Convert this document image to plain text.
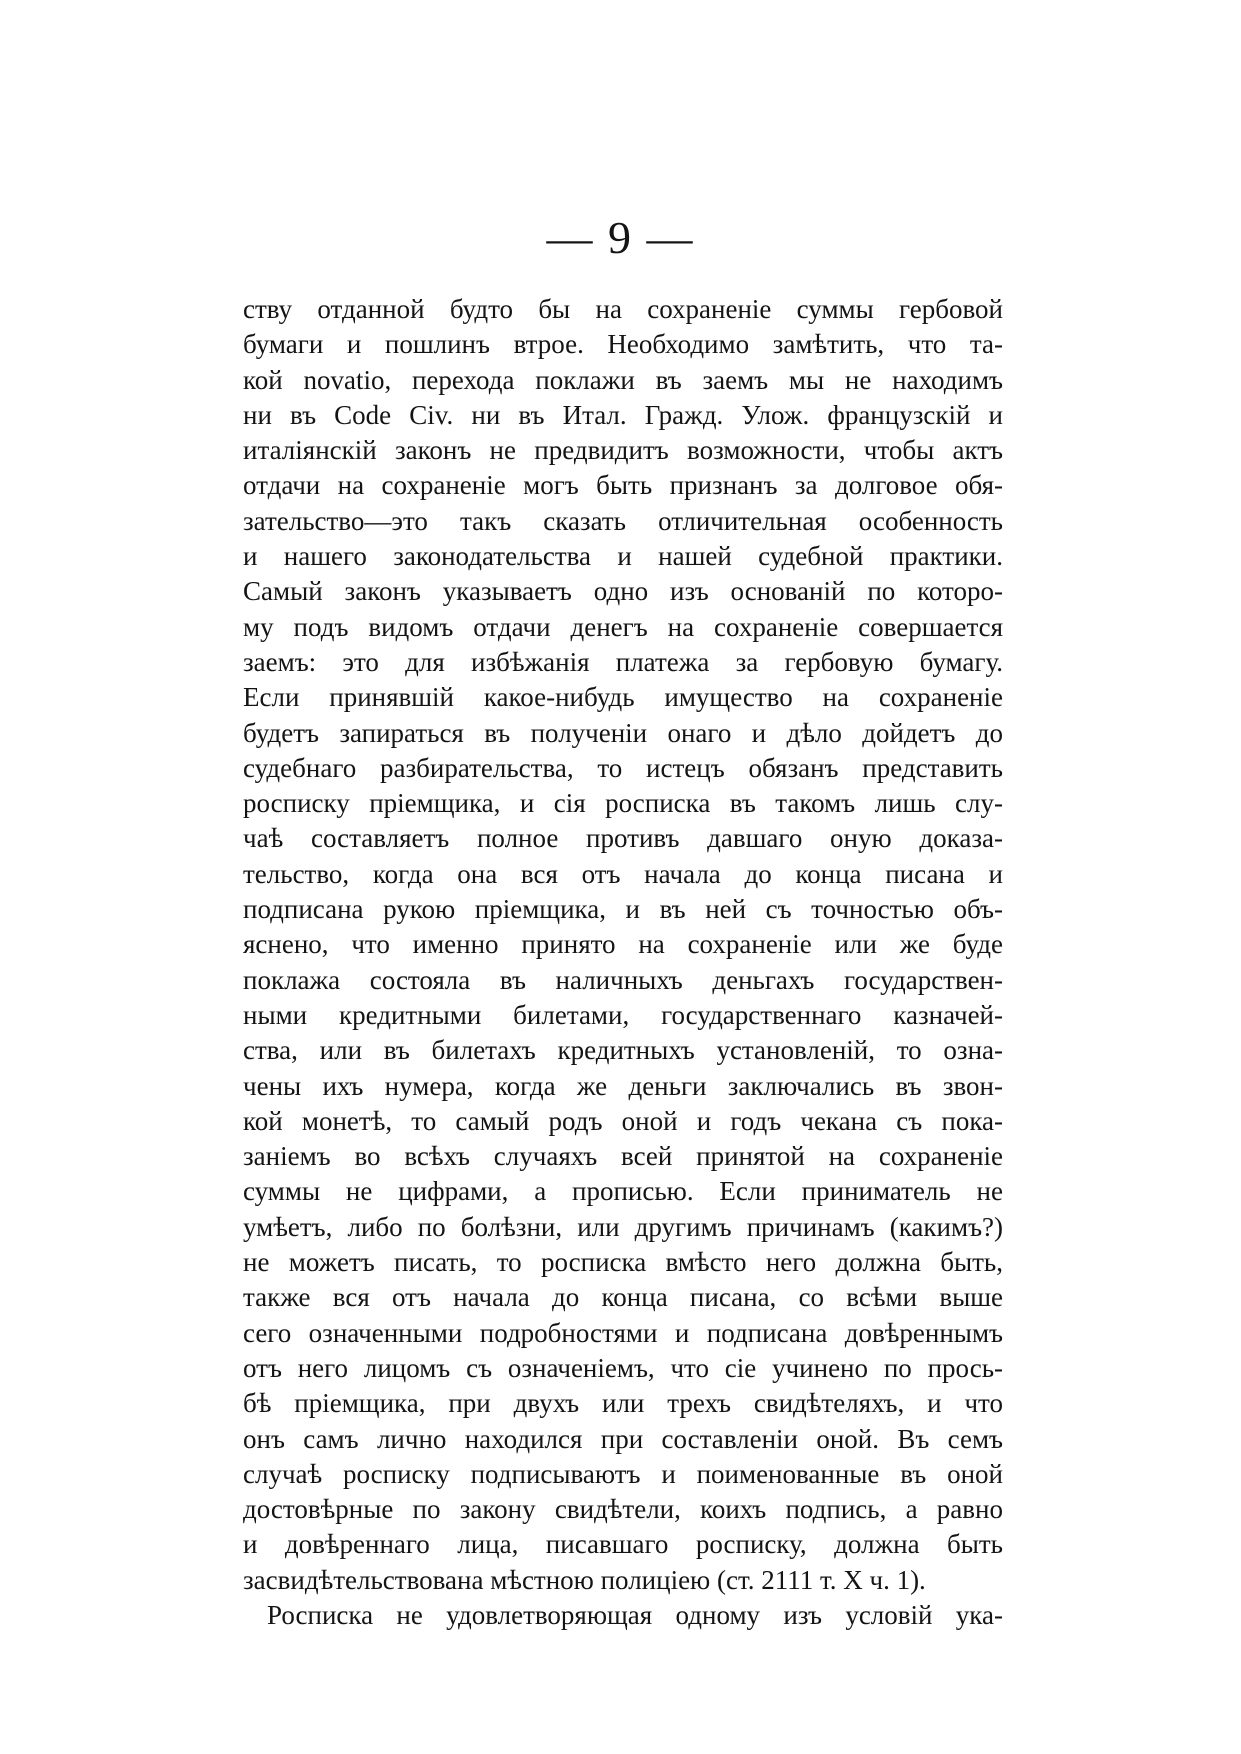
— 9 —
ству отданной будто бы на сохраненіе суммы гербовой
бумаги и пошлинъ втрое. Необходимо замѣтить, что та-
кой novatio, перехода поклажи въ заемъ мы не находимъ
ни въ Code Civ. ни въ Итал. Гражд. Улож. французскій и
италіянскій законъ не предвидитъ возможности, чтобы актъ
отдачи на сохраненіе могъ быть признанъ за долговое обя-
зательство—это такъ сказать отличительная особенность
и нашего законодательства и нашей судебной практики.
Самый законъ указываетъ одно изъ основаній по которо-
му подъ видомъ отдачи денегъ на сохраненіе совершается
заемъ: это для избѣжанія платежа за гербовую бумагу.
Если принявшій какое-нибудь имущество на сохраненіе
будетъ запираться въ полученіи онаго и дѣло дойдетъ до
судебнаго разбирательства, то истецъ обязанъ представить
росписку пріемщика, и сія росписка въ такомъ лишь слу-
чаѣ составляетъ полное противъ давшаго оную доказа-
тельство, когда она вся отъ начала до конца писана и
подписана рукою пріемщика, и въ ней съ точностью объ-
яснено, что именно принято на сохраненіе или же буде
поклажа состояла въ наличныхъ деньгахъ государствен-
ными кредитными билетами, государственнаго казначей-
ства, или въ билетахъ кредитныхъ установленій, то озна-
чены ихъ нумера, когда же деньги заключались въ звон-
кой монетѣ, то самый родъ оной и годъ чекана съ пока-
заніемъ во всѣхъ случаяхъ всей принятой на сохраненіе
суммы не цифрами, а прописью. Если приниматель не
умѣетъ, либо по болѣзни, или другимъ причинамъ (какимъ?)
не можетъ писать, то росписка вмѣсто него должна быть,
также вся отъ начала до конца писана, со всѣми выше
сего означенными подробностями и подписана довѣреннымъ
отъ него лицомъ съ означеніемъ, что сіе учинено по прось-
бѣ пріемщика, при двухъ или трехъ свидѣтеляхъ, и что
онъ самъ лично находился при составленіи оной. Въ семъ
случаѣ росписку подписываютъ и поименованные въ оной
достовѣрные по закону свидѣтели, коихъ подпись, а равно
и довѣреннаго лица, писавшаго росписку, должна быть
засвидѣтельствована мѣстною полиціею (ст. 2111 т. X ч. 1).
Росписка не удовлетворяющая одному изъ условій ука-
